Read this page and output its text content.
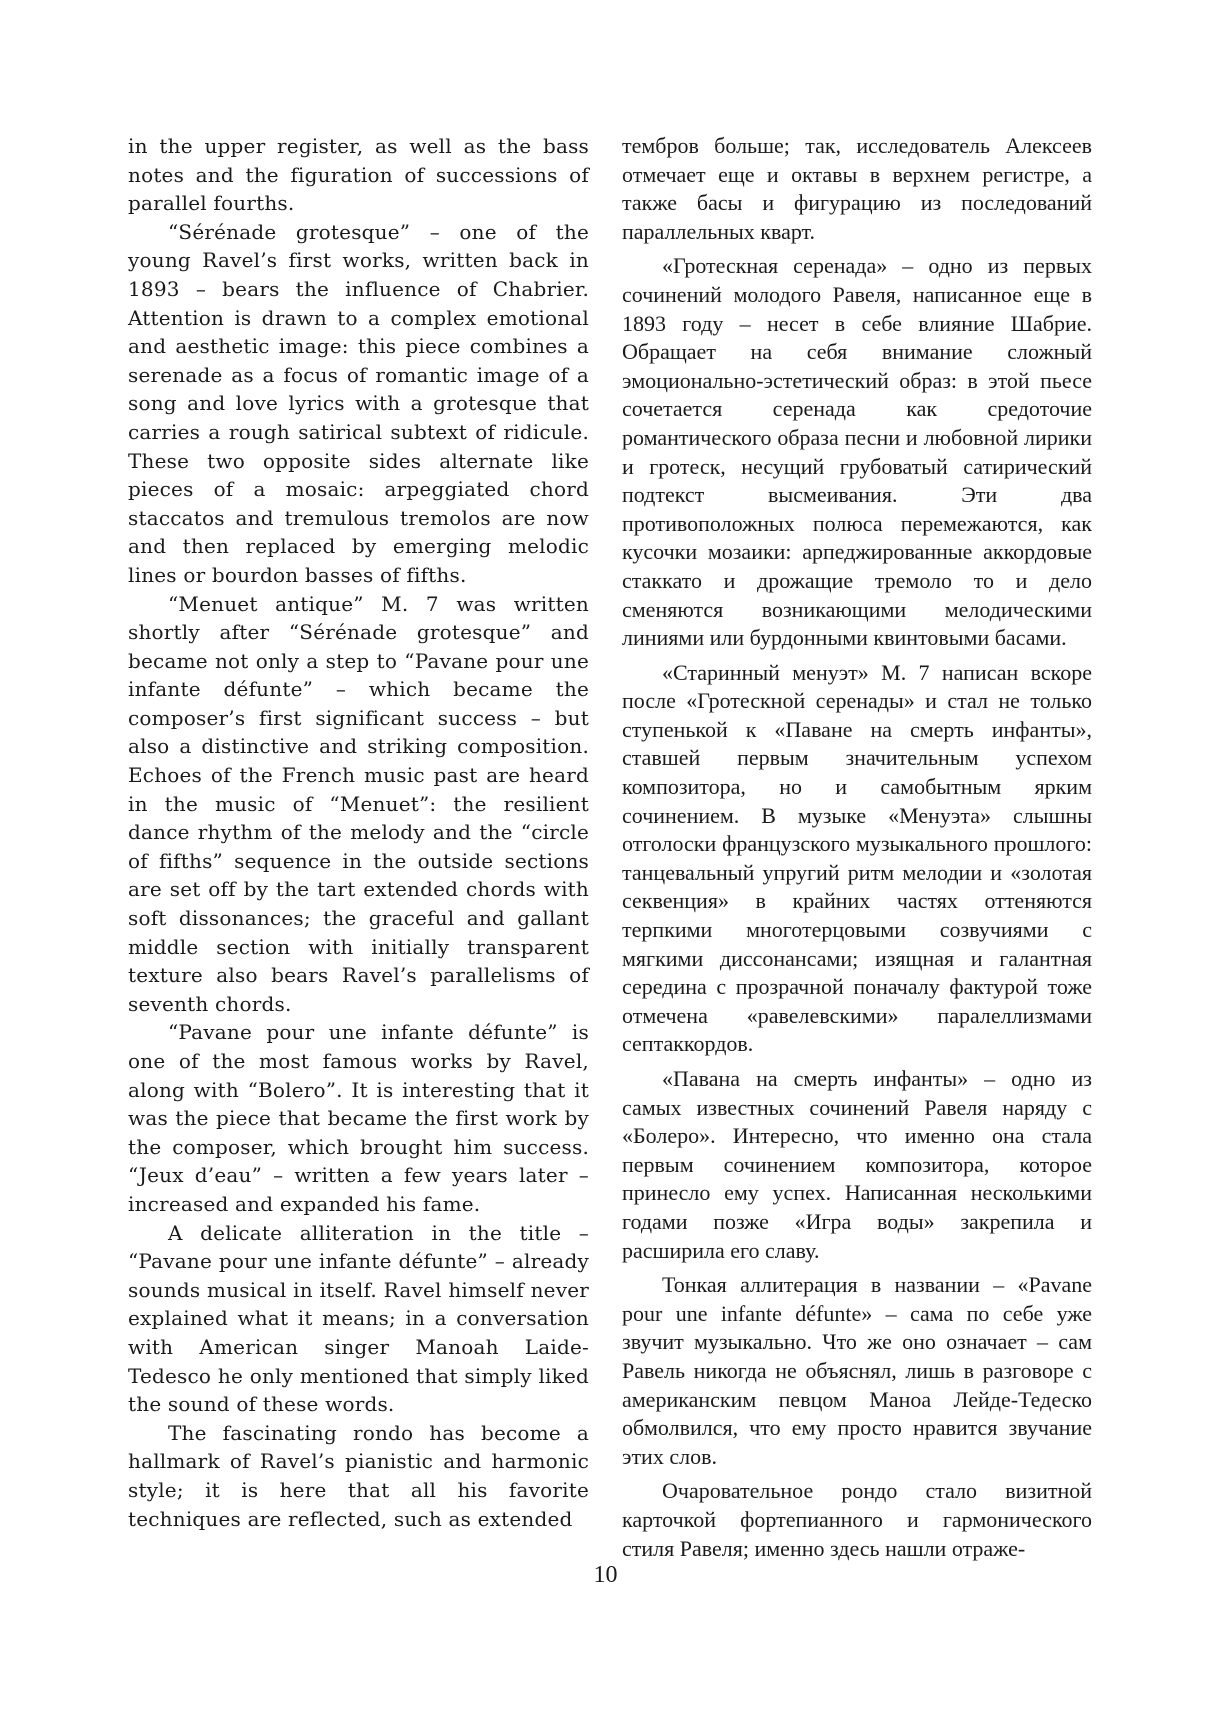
in the upper register, as well as the bass notes and the figuration of successions of parallel fourths.

“Sérénade grotesque” – one of the young Ravel’s first works, written back in 1893 – bears the influence of Chabrier. Attention is drawn to a complex emotional and aesthetic image: this piece combines a serenade as a focus of romantic image of a song and love lyrics with a grotesque that carries a rough satirical subtext of ridicule. These two opposite sides alternate like pieces of a mosaic: arpeggiated chord staccatos and tremulous tremolos are now and then replaced by emerging melodic lines or bourdon basses of fifths.

“Menuet antique” M. 7 was written shortly after “Sérénade grotesque” and became not only a step to “Pavane pour une infante défunte” – which became the composer’s first significant success – but also a distinctive and striking composition. Echoes of the French music past are heard in the music of “Menuet”: the resilient dance rhythm of the melody and the “circle of fifths” sequence in the outside sections are set off by the tart extended chords with soft dissonances; the graceful and gallant middle section with initially transparent texture also bears Ravel’s parallelisms of seventh chords.

“Pavane pour une infante défunte” is one of the most famous works by Ravel, along with “Bolero”. It is interesting that it was the piece that became the first work by the composer, which brought him success. “Jeux d’eau” – written a few years later – increased and expanded his fame.

A delicate alliteration in the title – “Pavane pour une infante défunte” – already sounds musical in itself. Ravel himself never explained what it means; in a conversation with American singer Manoah Laide-Tedesco he only mentioned that simply liked the sound of these words.

The fascinating rondo has become a hallmark of Ravel’s pianistic and harmonic style; it is here that all his favorite techniques are reflected, such as extended

тембров больше; так, исследователь Алексеев отмечает еще и октавы в верхнем регистре, а также басы и фигурацию из последований параллельных кварт.

«Гротескная серенада» – одно из первых сочинений молодого Равеля, написанное еще в 1893 году – несет в себе влияние Шабрие. Обращает на себя внимание сложный эмоционально-эстетический образ: в этой пьесе сочетается серенада как средоточие романтического образа песни и любовной лирики и гротеск, несущий грубоватый сатирический подтекст высмеивания. Эти два противоположных полюса перемежаются, как кусочки мозаики: арпеджированные аккордовые стаккато и дрожащие тремоло то и дело сменяются возникающими мелодическими линиями или бурдонными квинтовыми басами.

«Старинный менуэт» M. 7 написан вскоре после «Гротескной серенады» и стал не только ступенькой к «Паване на смерть инфанты», ставшей первым значительным успехом композитора, но и самобытным ярким сочинением. В музыке «Менуэта» слышны отголоски французского музыкального прошлого: танцевальный упругий ритм мелодии и «золотая секвенция» в крайних частях оттеняются терпкими многотерцовыми созвучиями с мягкими диссонансами; изящная и галантная середина с прозрачной поначалу фактурой тоже отмечена «равелевскими» паралеллизмами септаккордов.

«Павана на смерть инфанты» – одно из самых известных сочинений Равеля наряду с «Болеро». Интересно, что именно она стала первым сочинением композитора, которое принесло ему успех. Написанная несколькими годами позже «Игра воды» закрепила и расширила его славу.

Тонкая аллитерация в названии – «Pavane pour une infante défunte» – сама по себе уже звучит музыкально. Что же оно означает – сам Равель никогда не объяснял, лишь в разговоре с американским певцом Маноа Лейде-Тедеско обмолвился, что ему просто нравится звучание этих слов.

Очаровательное рондо стало визитной карточкой фортепианного и гармонического стиля Равеля; именно здесь нашли отраже-

10
